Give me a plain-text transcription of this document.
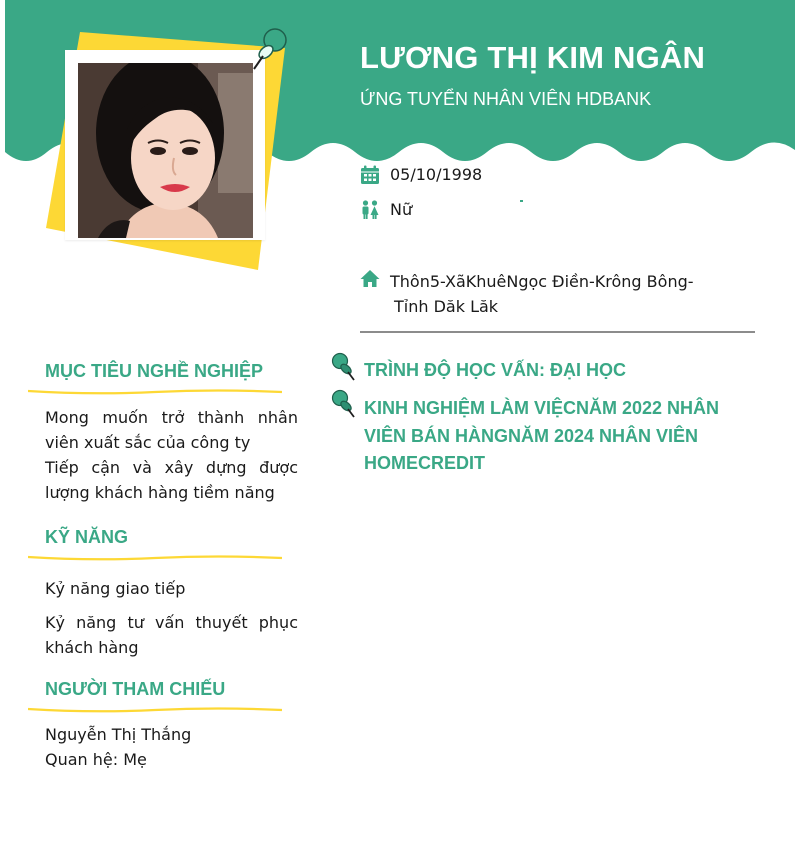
LƯƠNG THỊ KIM NGÂN
ỨNG TUYỂN NHÂN VIÊN HDBANK
05/10/1998
Nữ
Thôn5-XãKhuêNgọc Điền-Krông Bông-
Tỉnh Dăk Lăk
MỤC TIÊU NGHỀ NGHIỆP
Mong muốn trở thành nhân viên xuất sắc của công ty
Tiếp cận và xây dựng được lượng khách hàng tiềm năng
KỸ NĂNG
Kỷ năng giao tiếp
Kỷ năng tư vấn thuyết phục khách hàng
NGƯỜI THAM CHIẾU
Nguyễn Thị Thắng
Quan hệ: Mẹ
TRÌNH ĐỘ HỌC VẤN: ĐẠI HỌC
KINH NGHIỆM LÀM VIỆCNĂM 2022 NHÂN VIÊN BÁN HÀNGNĂM 2024 NHÂN VIÊN HOMECREDIT
